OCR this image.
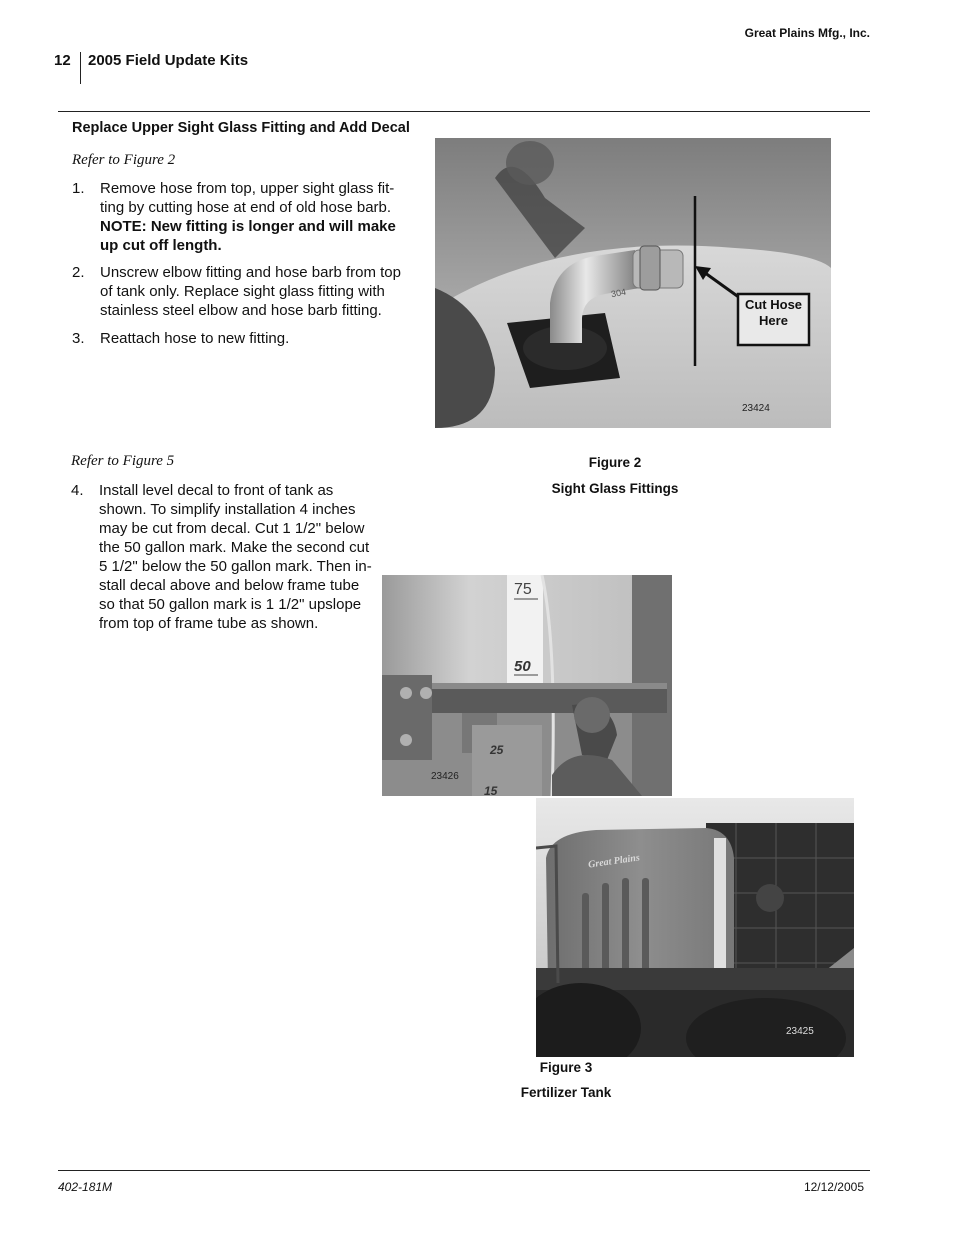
Great Plains Mfg., Inc.
12 2005 Field Update Kits
Replace Upper Sight Glass Fitting and Add Decal
Refer to Figure 2
1. Remove hose from top, upper sight glass fit-
ting by cutting hose at end of old hose barb.
NOTE: New fitting is longer and will make
up cut off length.
2. Unscrew elbow fitting and hose barb from top
of tank only. Replace sight glass fitting with
stainless steel elbow and hose barb fitting.
3. Reattach hose to new fitting.
Cut Hose
Here
304
23424
Figure 2
Sight Glass Fittings
Refer to Figure 5
4. Install level decal to front of tank as
shown. To simplify installation 4 inches
may be cut from decal. Cut 1 1/2" below
the 50 gallon mark. Make the second cut
5 1/2" below the 50 gallon mark. Then in-
stall decal above and below frame tube
so that 50 gallon mark is 1 1/2" upslope
from top of frame tube as shown.
75
50
25
15
23426
Great Plains
23425
Figure 3
Fertilizer Tank
402-181M	12/12/2005
